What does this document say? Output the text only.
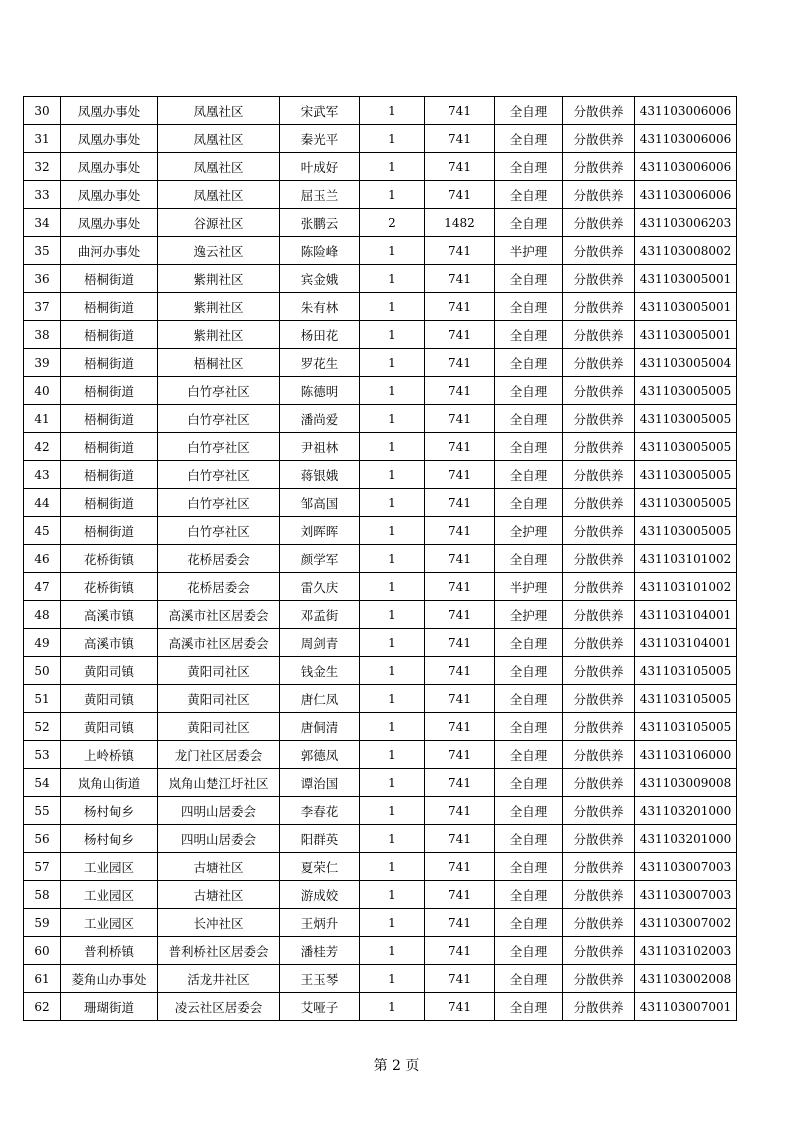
30	凤凰办事处	凤凰社区	宋武军	1	741	全自理	分散供养	431103006006
31	凤凰办事处	凤凰社区	秦光平	1	741	全自理	分散供养	431103006006
32	凤凰办事处	凤凰社区	叶成好	1	741	全自理	分散供养	431103006006
33	凤凰办事处	凤凰社区	屈玉兰	1	741	全自理	分散供养	431103006006
34	凤凰办事处	谷源社区	张鹏云	2	1482	全自理	分散供养	431103006203
35	曲河办事处	逸云社区	陈险峰	1	741	半护理	分散供养	431103008002
36	梧桐街道	紫荆社区	宾金娥	1	741	全自理	分散供养	431103005001
37	梧桐街道	紫荆社区	朱有林	1	741	全自理	分散供养	431103005001
38	梧桐街道	紫荆社区	杨田花	1	741	全自理	分散供养	431103005001
39	梧桐街道	梧桐社区	罗花生	1	741	全自理	分散供养	431103005004
40	梧桐街道	白竹亭社区	陈德明	1	741	全自理	分散供养	431103005005
41	梧桐街道	白竹亭社区	潘尚爱	1	741	全自理	分散供养	431103005005
42	梧桐街道	白竹亭社区	尹祖林	1	741	全自理	分散供养	431103005005
43	梧桐街道	白竹亭社区	蒋银娥	1	741	全自理	分散供养	431103005005
44	梧桐街道	白竹亭社区	邹高国	1	741	全自理	分散供养	431103005005
45	梧桐街道	白竹亭社区	刘晖晖	1	741	全护理	分散供养	431103005005
46	花桥街镇	花桥居委会	颜学军	1	741	全自理	分散供养	431103101002
47	花桥街镇	花桥居委会	雷久庆	1	741	半护理	分散供养	431103101002
48	高溪市镇	高溪市社区居委会	邓孟街	1	741	全护理	分散供养	431103104001
49	高溪市镇	高溪市社区居委会	周剑青	1	741	全自理	分散供养	431103104001
50	黄阳司镇	黄阳司社区	钱金生	1	741	全自理	分散供养	431103105005
51	黄阳司镇	黄阳司社区	唐仁凤	1	741	全自理	分散供养	431103105005
52	黄阳司镇	黄阳司社区	唐侗清	1	741	全自理	分散供养	431103105005
53	上岭桥镇	龙门社区居委会	郭德凤	1	741	全自理	分散供养	431103106000
54	岚角山街道	岚角山楚江圩社区	谭治国	1	741	全自理	分散供养	431103009008
55	杨村甸乡	四明山居委会	李春花	1	741	全自理	分散供养	431103201000
56	杨村甸乡	四明山居委会	阳群英	1	741	全自理	分散供养	431103201000
57	工业园区	古塘社区	夏荣仁	1	741	全自理	分散供养	431103007003
58	工业园区	古塘社区	游成姣	1	741	全自理	分散供养	431103007003
59	工业园区	长冲社区	王炳升	1	741	全自理	分散供养	431103007002
60	普利桥镇	普利桥社区居委会	潘桂芳	1	741	全自理	分散供养	431103102003
61	菱角山办事处	活龙井社区	王玉琴	1	741	全自理	分散供养	431103002008
62	珊瑚街道	凌云社区居委会	艾哑子	1	741	全自理	分散供养	431103007001
第 2 页
